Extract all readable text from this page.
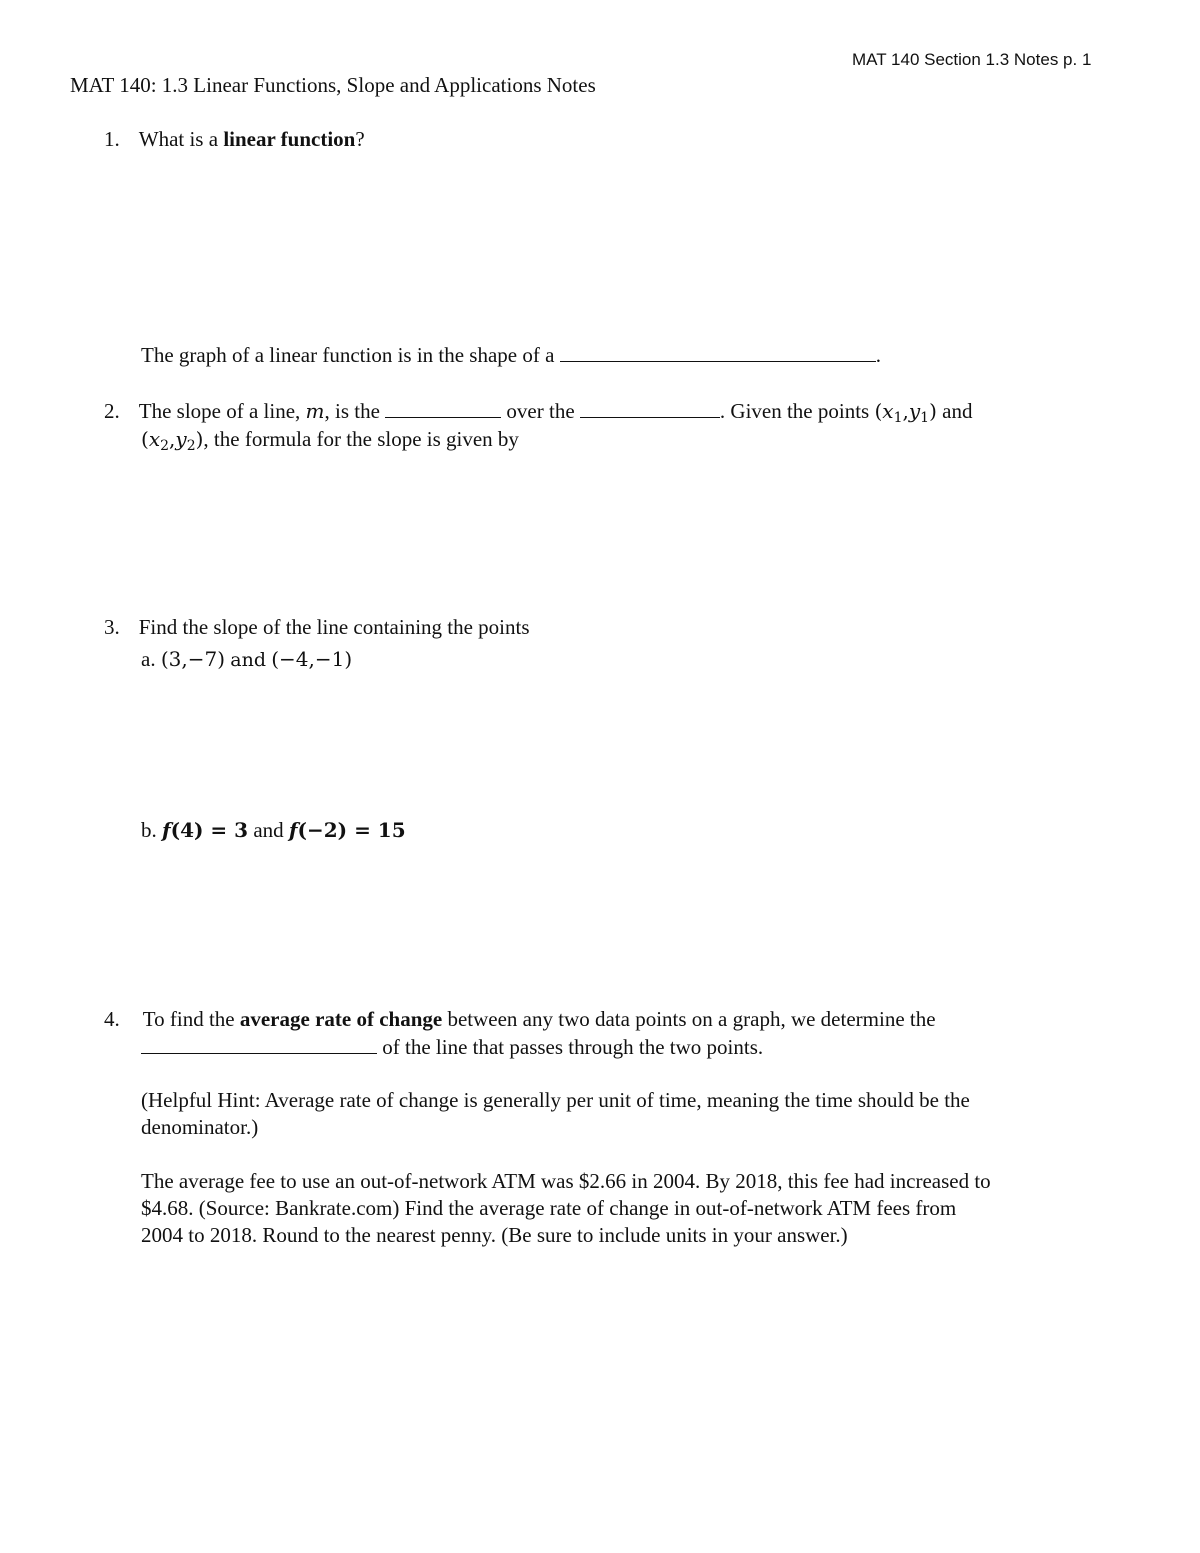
MAT 140 Section 1.3 Notes p. 1
MAT 140: 1.3 Linear Functions, Slope and Applications Notes
1. What is a linear function?
The graph of a linear function is in the shape of a	.
2. The slope of a line, m, is the	over the	. Given the points $(x_1,y_1)$ and
$(x_2,y_2)$, the formula for the slope is given by
3. Find the slope of the line containing the points
a. (3,−7) and (−4,−1)
b. f(4) = 3 and f(−2) = 15
4. To find the average rate of change between any two data points on a graph, we determine the
of the line that passes through the two points.
(Helpful Hint: Average rate of change is generally per unit of time, meaning the time should be the
denominator.)
The average fee to use an out-of-network ATM was $2.66 in 2004. By 2018, this fee had increased to
$4.68. (Source: Bankrate.com) Find the average rate of change in out-of-network ATM fees from
2004 to 2018. Round to the nearest penny. (Be sure to include units in your answer.)
